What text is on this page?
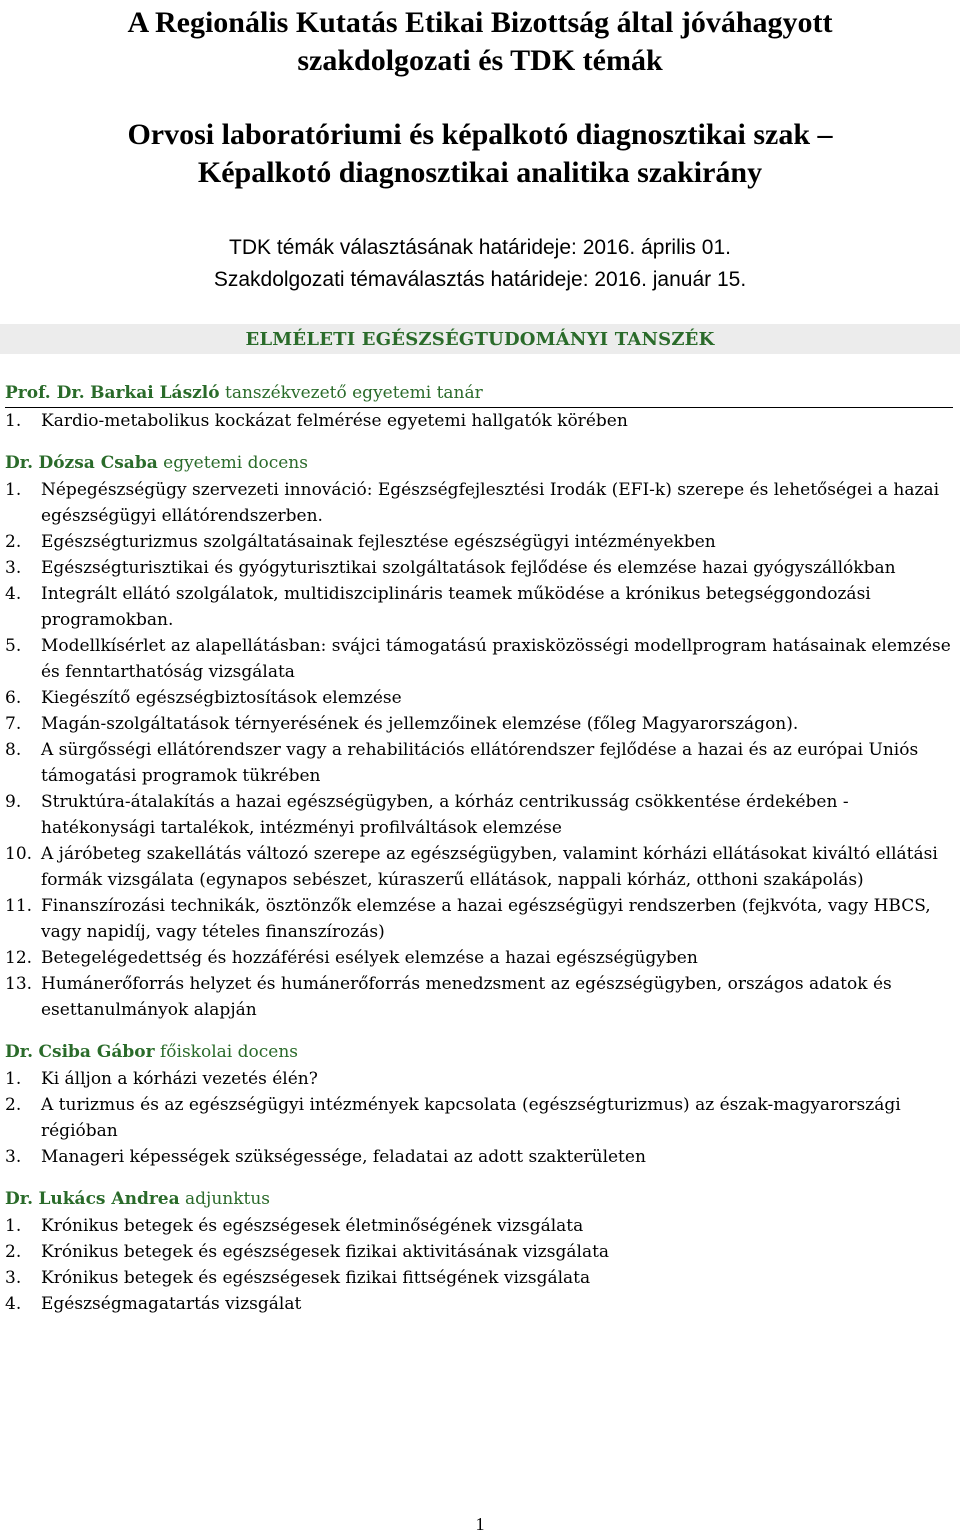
A Regionális Kutatás Etikai Bizottság által jóváhagyott
szakdolgozati és TDK témák
Orvosi laboratóriumi és képalkotó diagnosztikai szak –
Képalkotó diagnosztikai analitika szakirány
TDK témák választásának határideje: 2016. április 01.
Szakdolgozati témaválasztás határideje: 2016. január 15.
ELMÉLETI EGÉSZSÉGTUDOMÁNYI TANSZÉK

Prof. Dr. Barkai László tanszékvezető egyetemi tanár

1.	Kardio-metabolikus kockázat felmérése egyetemi hallgatók körében

Dr. Dózsa Csaba egyetemi docens

1.	Népegészségügy szervezeti innováció: Egészségfejlesztési Irodák (EFI-k) szerepe és lehetőségei a hazai egészségügyi ellátórendszerben.
2.	Egészségturizmus szolgáltatásainak fejlesztése egészségügyi intézményekben
3.	Egészségturisztikai és gyógyturisztikai szolgáltatások fejlődése és elemzése hazai gyógyszállókban
4.	Integrált ellátó szolgálatok, multidiszciplináris teamek működése a krónikus betegséggondozási programokban.
5.	Modellkísérlet az alapellátásban: svájci támogatású praxisközösségi modellprogram hatásainak elemzése és fenntarthatóság vizsgálata
6.	Kiegészítő egészségbiztosítások elemzése
7.	Magán-szolgáltatások térnyerésének és jellemzőinek elemzése (főleg Magyarországon).
8.	A sürgősségi ellátórendszer vagy a rehabilitációs ellátórendszer fejlődése a hazai és az európai Uniós támogatási programok tükrében
9.	Struktúra-átalakítás a hazai egészségügyben, a kórház centrikusság csökkentése érdekében - hatékonysági tartalékok, intézményi profilváltások elemzése
10. A járóbeteg szakellátás változó szerepe az egészségügyben, valamint kórházi ellátásokat kiváltó ellátási formák vizsgálata (egynapos sebészet, kúraszerű ellátások, nappali kórház, otthoni szakápolás)
11. Finanszírozási technikák, ösztönzők elemzése a hazai egészségügyi rendszerben (fejkvóta, vagy HBCS, vagy napidíj, vagy tételes finanszírozás)
12. Betegelégedettség és hozzáférési esélyek elemzése a hazai egészségügyben
13. Humánerőforrás helyzet és humánerőforrás menedzsment az egészségügyben, országos adatok és esettanulmányok alapján

Dr. Csiba Gábor főiskolai docens

1.	Ki álljon a kórházi vezetés élén?
2.	A turizmus és az egészségügyi intézmények kapcsolata (egészségturizmus) az észak-magyarországi régióban
3.	Manageri képességek szükségessége, feladatai az adott szakterületen

Dr. Lukács Andrea adjunktus

1.	Krónikus betegek és egészségesek életminőségének vizsgálata
2.	Krónikus betegek és egészségesek fizikai aktivitásának vizsgálata
3.	Krónikus betegek és egészségesek fizikai fittségének vizsgálata
4.	Egészségmagatartás vizsgálat
1
